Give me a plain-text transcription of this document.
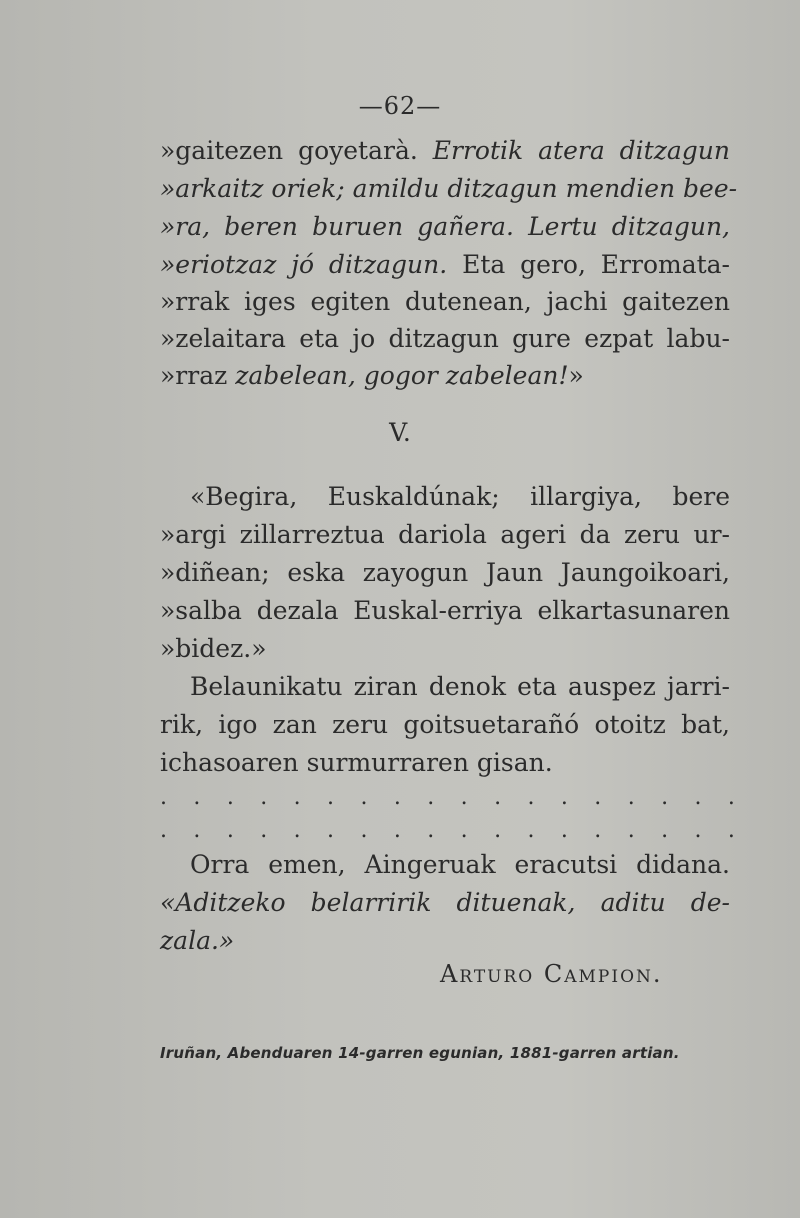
—62—
»gaitezen goyetarà. Errotik atera ditzagun
»arkaitz oriek; amildu ditzagun mendien bee-
»ra, beren buruen gañera. Lertu ditzagun,
»eriotzaz jó ditzagun. Eta gero, Erromata-
»rrak iges egiten dutenean, jachi gaitezen
»zelaitara eta jo ditzagun gure ezpat labu-
»rraz zabelean, gogor zabelean!»
V.
«Begira, Euskaldúnak; illargiya, bere
»argi zillarreztua dariola ageri da zeru ur-
»diñean; eska zayogun Jaun Jaungoikoari,
»salba dezala Euskal-erriya elkartasunaren
»bidez.»
Belaunikatu ziran denok eta auspez jarri-
rik, igo zan zeru goitsuetarañó otoitz bat,
ichasoaren surmurraren gisan.
. . . . . . . . . . . . . . . . . .
. . . . . . . . . . . . . . . . . .
Orra emen, Aingeruak eracutsi didana.
«Aditzeko belarririk dituenak, aditu de-
zala.»
Arturo Campion.
Iruñan, Abenduaren 14-garren egunian, 1881-garren artian.
